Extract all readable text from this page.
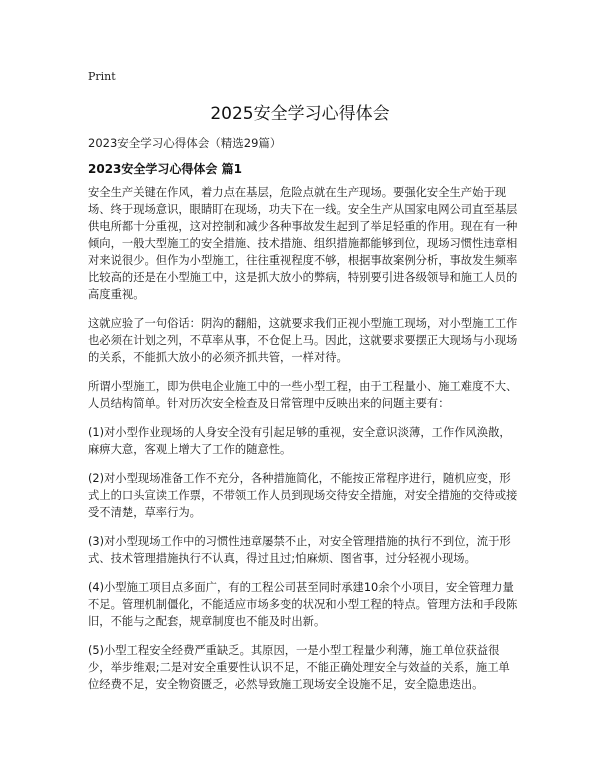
Print
2025安全学习心得体会

2023安全学习心得体会（精选29篇）

2023安全学习心得体会 篇1

安全生产关键在作风，着力点在基层，危险点就在生产现场。要强化安全生产始于现场、终于现场意识，眼睛盯在现场，功夫下在一线。安全生产从国家电网公司直至基层供电所都十分重视，这对控制和减少各种事故发生起到了举足轻重的作用。现在有一种倾向，一般大型施工的安全措施、技术措施、组织措施都能够到位，现场习惯性违章相对来说很少。但作为小型施工，往往重视程度不够，根据事故案例分析，事故发生频率比较高的还是在小型施工中，这是抓大放小的弊病，特别要引进各级领导和施工人员的高度重视。

这就应验了一句俗话：阴沟的翻船，这就要求我们正视小型施工现场，对小型施工工作也必须在计划之列，不草率从事，不仓促上马。因此，这就要求要摆正大现场与小现场的关系，不能抓大放小的必须齐抓共管，一样对待。

所谓小型施工，即为供电企业施工中的一些小型工程，由于工程量小、施工难度不大、人员结构简单。针对历次安全检查及日常管理中反映出来的问题主要有：

(1)对小型作业现场的人身安全没有引起足够的重视，安全意识淡薄，工作作风涣散，麻痹大意，客观上增大了工作的随意性。

(2)对小型现场准备工作不充分，各种措施简化，不能按正常程序进行，随机应变，形式上的口头宣读工作票，不带领工作人员到现场交待安全措施，对安全措施的交待或接受不清楚，草率行为。

(3)对小型现场工作中的习惯性违章屡禁不止，对安全管理措施的执行不到位，流于形式、技术管理措施执行不认真，得过且过;怕麻烦、图省事，过分轻视小现场。

(4)小型施工项目点多面广，有的工程公司甚至同时承建10余个小项目，安全管理力量不足。管理机制僵化，不能适应市场多变的状况和小型工程的特点。管理方法和手段陈旧，不能与之配套，规章制度也不能及时出新。

(5)小型工程安全经费严重缺乏。其原因，一是小型工程量少利薄，施工单位获益很少，举步维艰;二是对安全重要性认识不足，不能正确处理安全与效益的关系，施工单位经费不足，安全物资匮乏，必然导致施工现场安全设施不足，安全隐患迭出。
